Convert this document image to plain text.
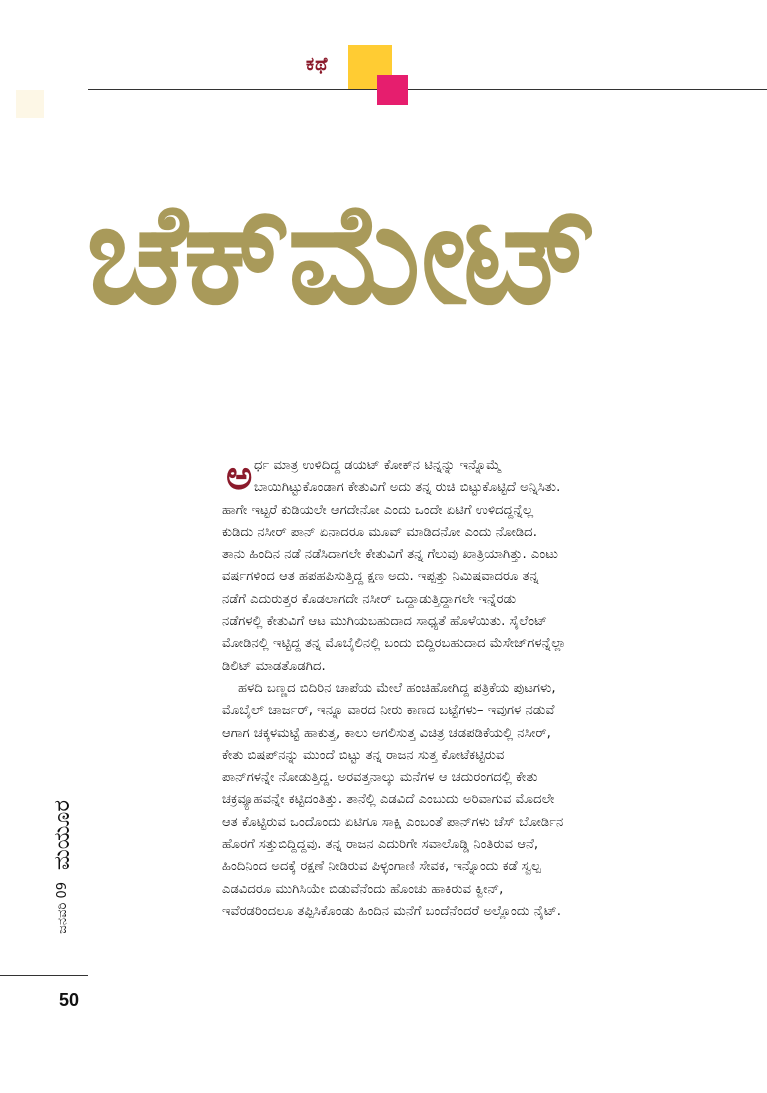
ಕಥೆ
ಚೆಕ್‌ಮೇಟ್
ಅ ರ್ಧ ಮಾತ್ರ ಉಳಿದಿದ್ದ ಡಯಟ್ ಕೋಕ್‌ನ ಟಿನ್ನನ್ನು ಇನ್ನೊಮ್ಮೆ
ಬಾಯಿಗಿಟ್ಟುಕೊಂಡಾಗ ಕೇತುವಿಗೆ ಅದು ತನ್ನ ರುಚಿ ಬಿಟ್ಟುಕೊಟ್ಟಿದೆ ಅನ್ನಿಸಿತು.
ಹಾಗೇ ಇಟ್ಟರೆ ಕುಡಿಯಲೇ ಆಗದೇನೋ ಎಂದು ಒಂದೇ ಏಟಿಗೆ ಉಳಿದದ್ದನ್ನೆಲ್ಲ
ಕುಡಿದು ನಸೀರ್ ಪಾನ್ ಏನಾದರೂ ಮೂವ್ ಮಾಡಿದನೋ ಎಂದು ನೋಡಿದ.
ತಾನು ಹಿಂದಿನ ನಡೆ ನಡೆಸಿದಾಗಲೇ ಕೇತುವಿಗೆ ತನ್ನ ಗೆಲುವು ಖಾತ್ರಿಯಾಗಿತ್ತು. ಎಂಟು
ವರ್ಷಗಳಿಂದ ಆತ ಹಪಹಪಿಸುತ್ತಿದ್ದ ಕ್ಷಣ ಅದು. ಇಪ್ಪತ್ತು ನಿಮಿಷವಾದರೂ ತನ್ನ
ನಡೆಗೆ ಎದುರುತ್ತರ ಕೊಡಲಾಗದೇ ನಸೀರ್ ಒದ್ದಾಡುತ್ತಿದ್ದಾಗಲೇ ಇನ್ನೆರಡು
ನಡೆಗಳಲ್ಲಿ ಕೇತುವಿಗೆ ಆಟ ಮುಗಿಯಬಹುದಾದ ಸಾಧ್ಯತೆ ಹೊಳೆಯಿತು. ಸೈಲೆಂಟ್
ಮೋಡಿನಲ್ಲಿ ಇಟ್ಟಿದ್ದ ತನ್ನ ಮೊಬೈಲಿನಲ್ಲಿ ಬಂದು ಬಿದ್ದಿರಬಹುದಾದ ಮೆಸೇಜ್‌ಗಳನ್ನೆಲ್ಲಾ
ಡಿಲಿಟ್ ಮಾಡತೊಡಗಿದ.
ಹಳದಿ ಬಣ್ಣದ ಬಿದಿರಿನ ಚಾಪೆಯ ಮೇಲೆ ಹಂಚಿಹೋಗಿದ್ದ ಪತ್ರಿಕೆಯ ಪುಟಗಳು,
ಮೊಬೈಲ್ ಚಾರ್ಜರ್, ಇನ್ನೂ ವಾರದ ನೀರು ಕಾಣದ ಬಟ್ಟೆಗಳು– ಇವುಗಳ ನಡುವೆ
ಆಗಾಗ ಚಕ್ಕಳಮಟ್ಟೆ ಹಾಕುತ್ತ, ಕಾಲು ಅಗಲಿಸುತ್ತ ವಿಚಿತ್ರ ಚಡಪಡಿಕೆಯಲ್ಲಿ ನಸೀರ್,
ಕೇತು ಬಿಷಪ್‌ನನ್ನು ಮುಂದೆ ಬಿಟ್ಟು ತನ್ನ ರಾಜನ ಸುತ್ತ ಕೋಟೆಕಟ್ಟಿರುವ
ಪಾನ್‌ಗಳನ್ನೇ ನೋಡುತ್ತಿದ್ದ. ಅರವತ್ತನಾಲ್ಕು ಮನೆಗಳ ಆ ಚದುರಂಗದಲ್ಲಿ ಕೇತು
ಚಕ್ರವ್ಯೂಹವನ್ನೇ ಕಟ್ಟಿದಂತಿತ್ತು. ತಾನೆಲ್ಲಿ ಎಡವಿದೆ ಎಂಬುದು ಅರಿವಾಗುವ ಮೊದಲೇ
ಆತ ಕೊಟ್ಟಿರುವ ಒಂದೊಂದು ಏಟಿಗೂ ಸಾಕ್ಷಿ ಎಂಬಂತೆ ಪಾನ್‌ಗಳು ಚೆಸ್ ಬೋರ್ಡಿನ
ಹೊರಗೆ ಸತ್ತುಬಿದ್ದಿದ್ದವು. ತನ್ನ ರಾಜನ ಎದುರಿಗೇ ಸವಾಲೊಡ್ಡಿ ನಿಂತಿರುವ ಆನೆ,
ಹಿಂದಿನಿಂದ ಅದಕ್ಕೆ ರಕ್ಷಣೆ ನೀಡಿರುವ ಪಿಳ್ಳಂಗಾಣಿ ಸೇವಕ, ಇನ್ನೊಂದು ಕಡೆ ಸ್ವಲ್ಪ
ಎಡವಿದರೂ ಮುಗಿಸಿಯೇ ಬಿಡುವೆನೆಂದು ಹೊಂಚು ಹಾಕಿರುವ ಕ್ವೀನ್,
ಇವೆರಡರಿಂದಲೂ ತಪ್ಪಿಸಿಕೊಂಡು ಹಿಂದಿನ ಮನೆಗೆ ಬಂದೆನೆಂದರೆ ಅಲ್ಲೊಂದು ನೈಟ್.
ಮಯೂರ
ಜನವರಿ 09
50
